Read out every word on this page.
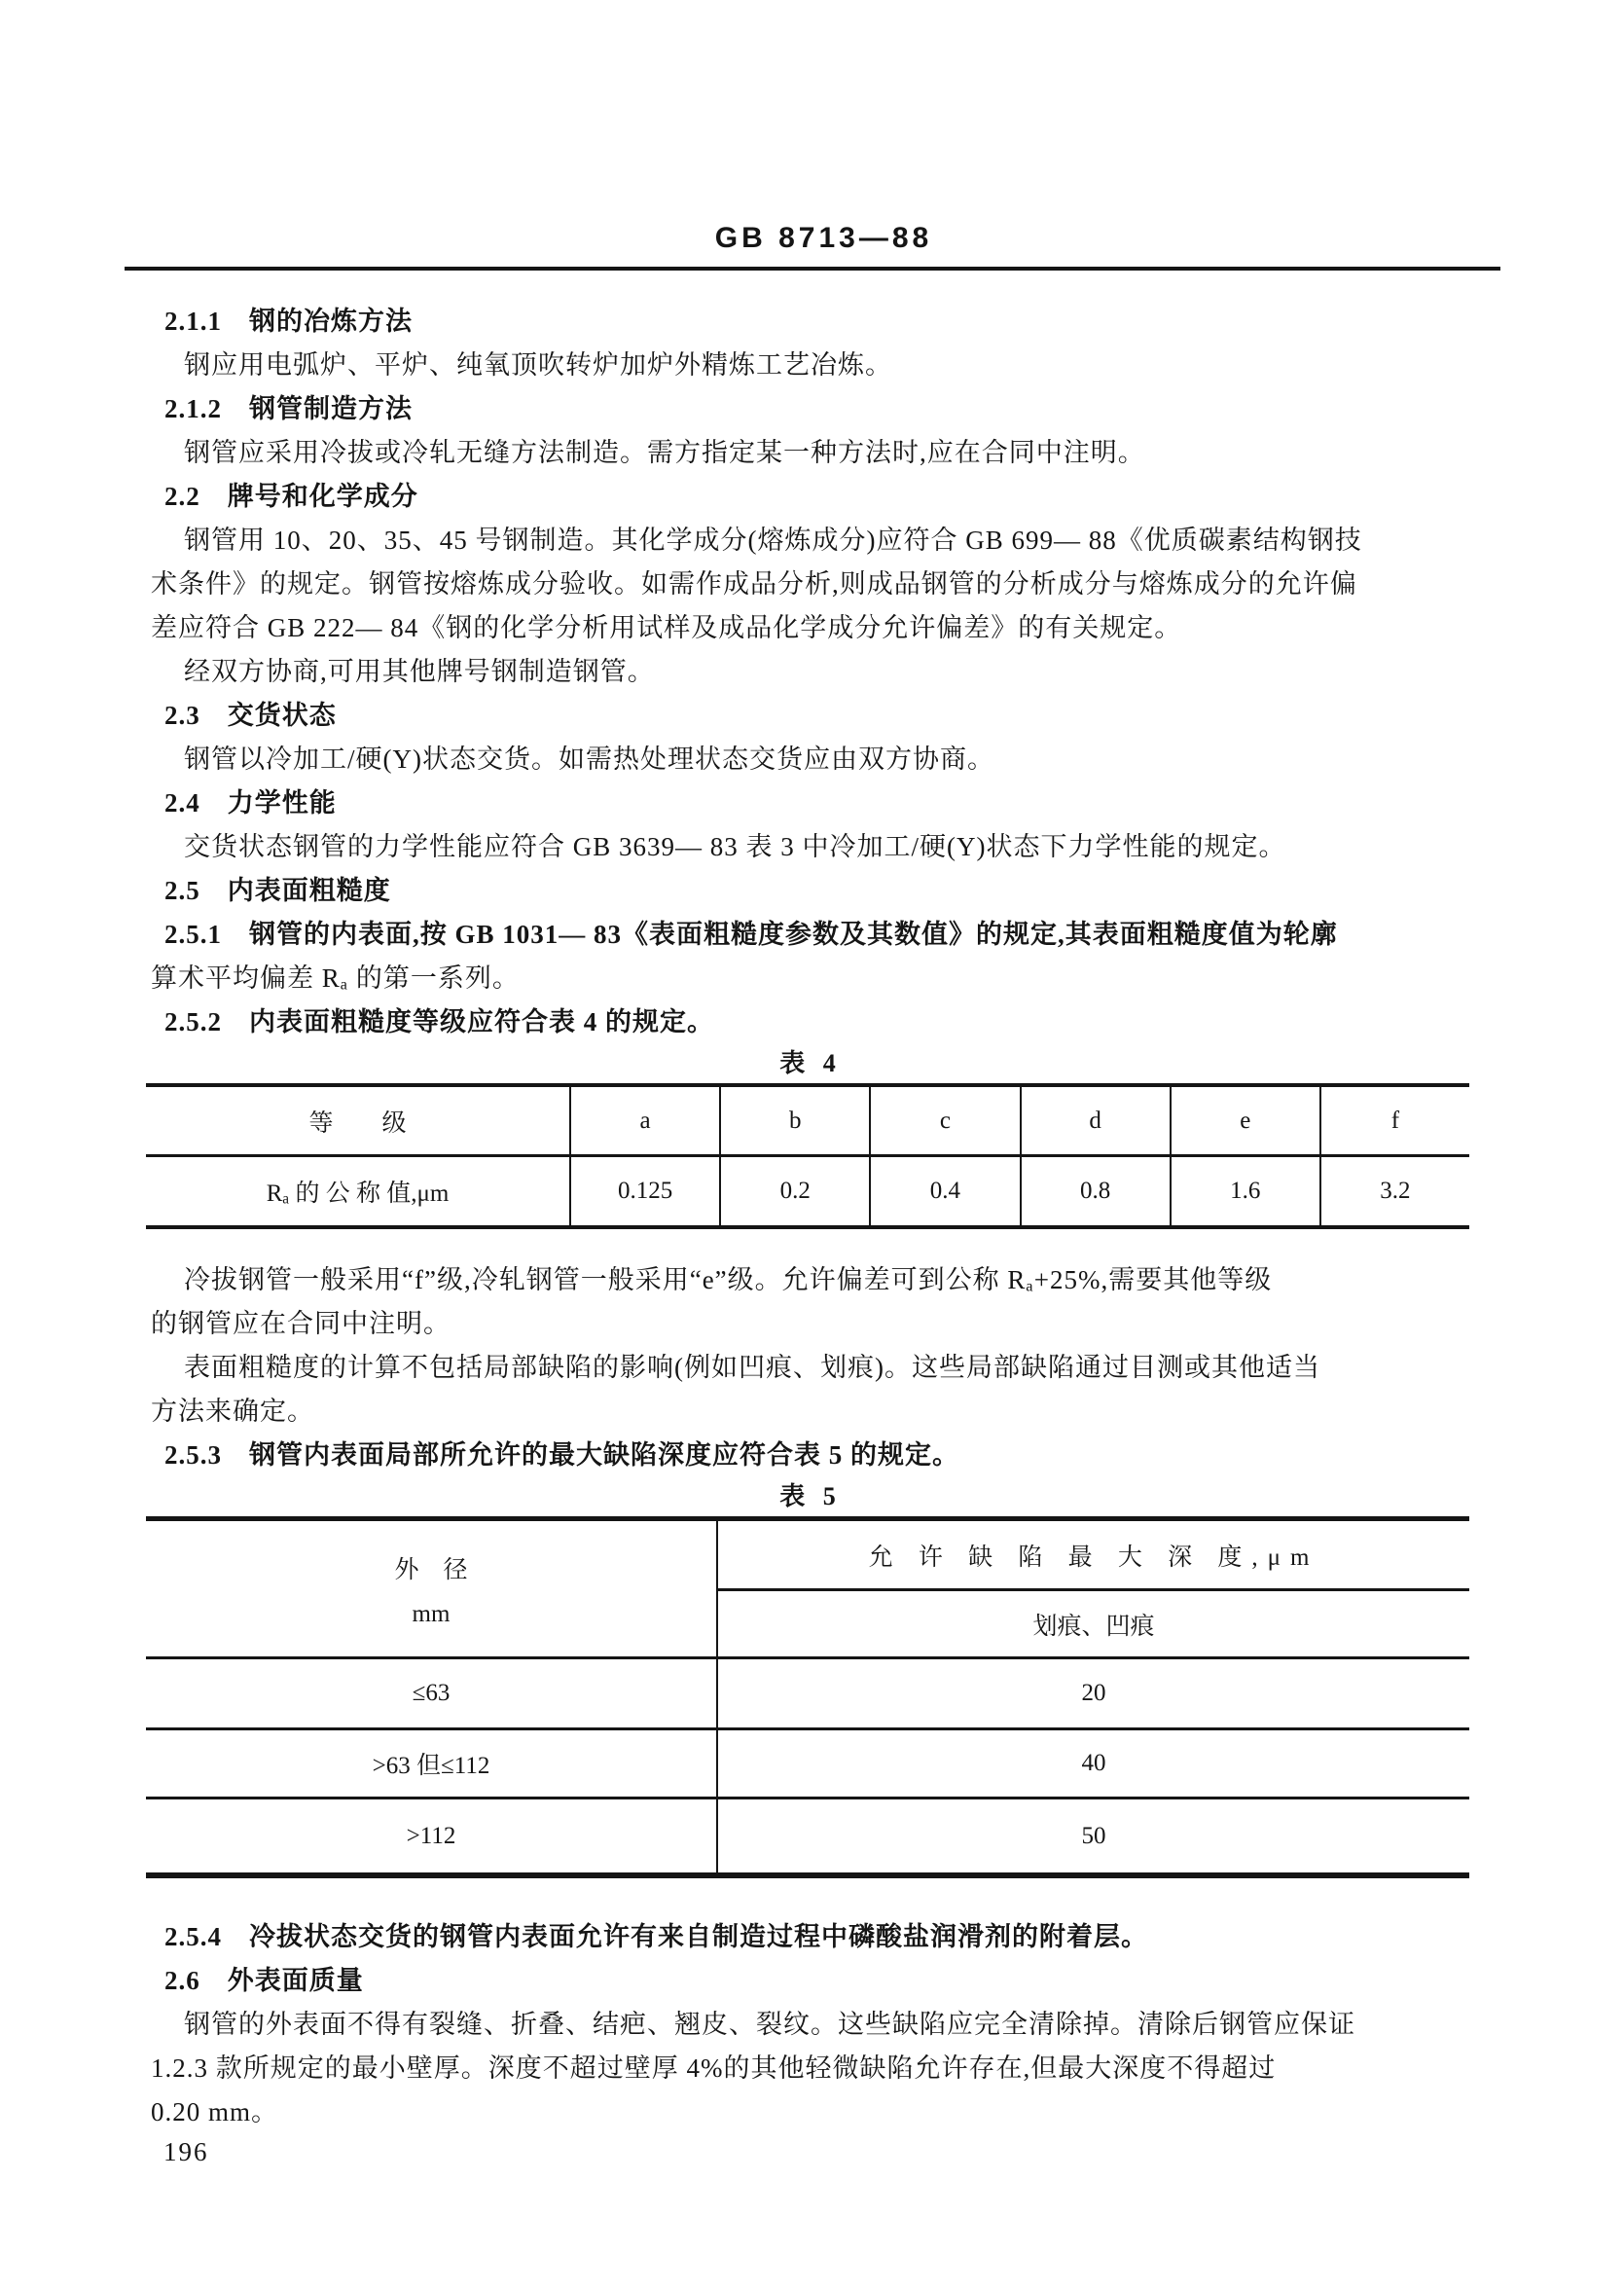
GB 8713—88
2.1.1　钢的冶炼方法
钢应用电弧炉、平炉、纯氧顶吹转炉加炉外精炼工艺冶炼。
2.1.2　钢管制造方法
钢管应采用冷拔或冷轧无缝方法制造。需方指定某一种方法时,应在合同中注明。
2.2　牌号和化学成分
钢管用 10、20、35、45 号钢制造。其化学成分(熔炼成分)应符合 GB 699— 88《优质碳素结构钢技
术条件》的规定。钢管按熔炼成分验收。如需作成品分析,则成品钢管的分析成分与熔炼成分的允许偏
差应符合 GB 222— 84《钢的化学分析用试样及成品化学成分允许偏差》的有关规定。
经双方协商,可用其他牌号钢制造钢管。
2.3　交货状态
钢管以冷加工/硬(Y)状态交货。如需热处理状态交货应由双方协商。
2.4　力学性能
交货状态钢管的力学性能应符合 GB 3639— 83 表 3 中冷加工/硬(Y)状态下力学性能的规定。
2.5　内表面粗糙度
2.5.1　钢管的内表面,按 GB 1031— 83《表面粗糙度参数及其数值》的规定,其表面粗糙度值为轮廓
算术平均偏差 Rₐ 的第一系列。
2.5.2　内表面粗糙度等级应符合表 4 的规定。
表 4
等　　级	a	b	c	d	e	f
Rₐ 的 公 称 值,μm	0.125	0.2	0.4	0.8	1.6	3.2
冷拔钢管一般采用“f”级,冷轧钢管一般采用“e”级。允许偏差可到公称 Rₐ+25%,需要其他等级
的钢管应在合同中注明。
表面粗糙度的计算不包括局部缺陷的影响(例如凹痕、划痕)。这些局部缺陷通过目测或其他适当
方法来确定。
2.5.3　钢管内表面局部所允许的最大缺陷深度应符合表 5 的规定。
表 5
外　径
mm
允 许 缺 陷 最 大 深 度,μm
划痕、凹痕
≤63	20
>63 但≤112	40
>112	50
2.5.4　冷拔状态交货的钢管内表面允许有来自制造过程中磷酸盐润滑剂的附着层。
2.6　外表面质量
钢管的外表面不得有裂缝、折叠、结疤、翘皮、裂纹。这些缺陷应完全清除掉。清除后钢管应保证
1.2.3 款所规定的最小壁厚。深度不超过壁厚 4%的其他轻微缺陷允许存在,但最大深度不得超过
0.20 mm。
196
